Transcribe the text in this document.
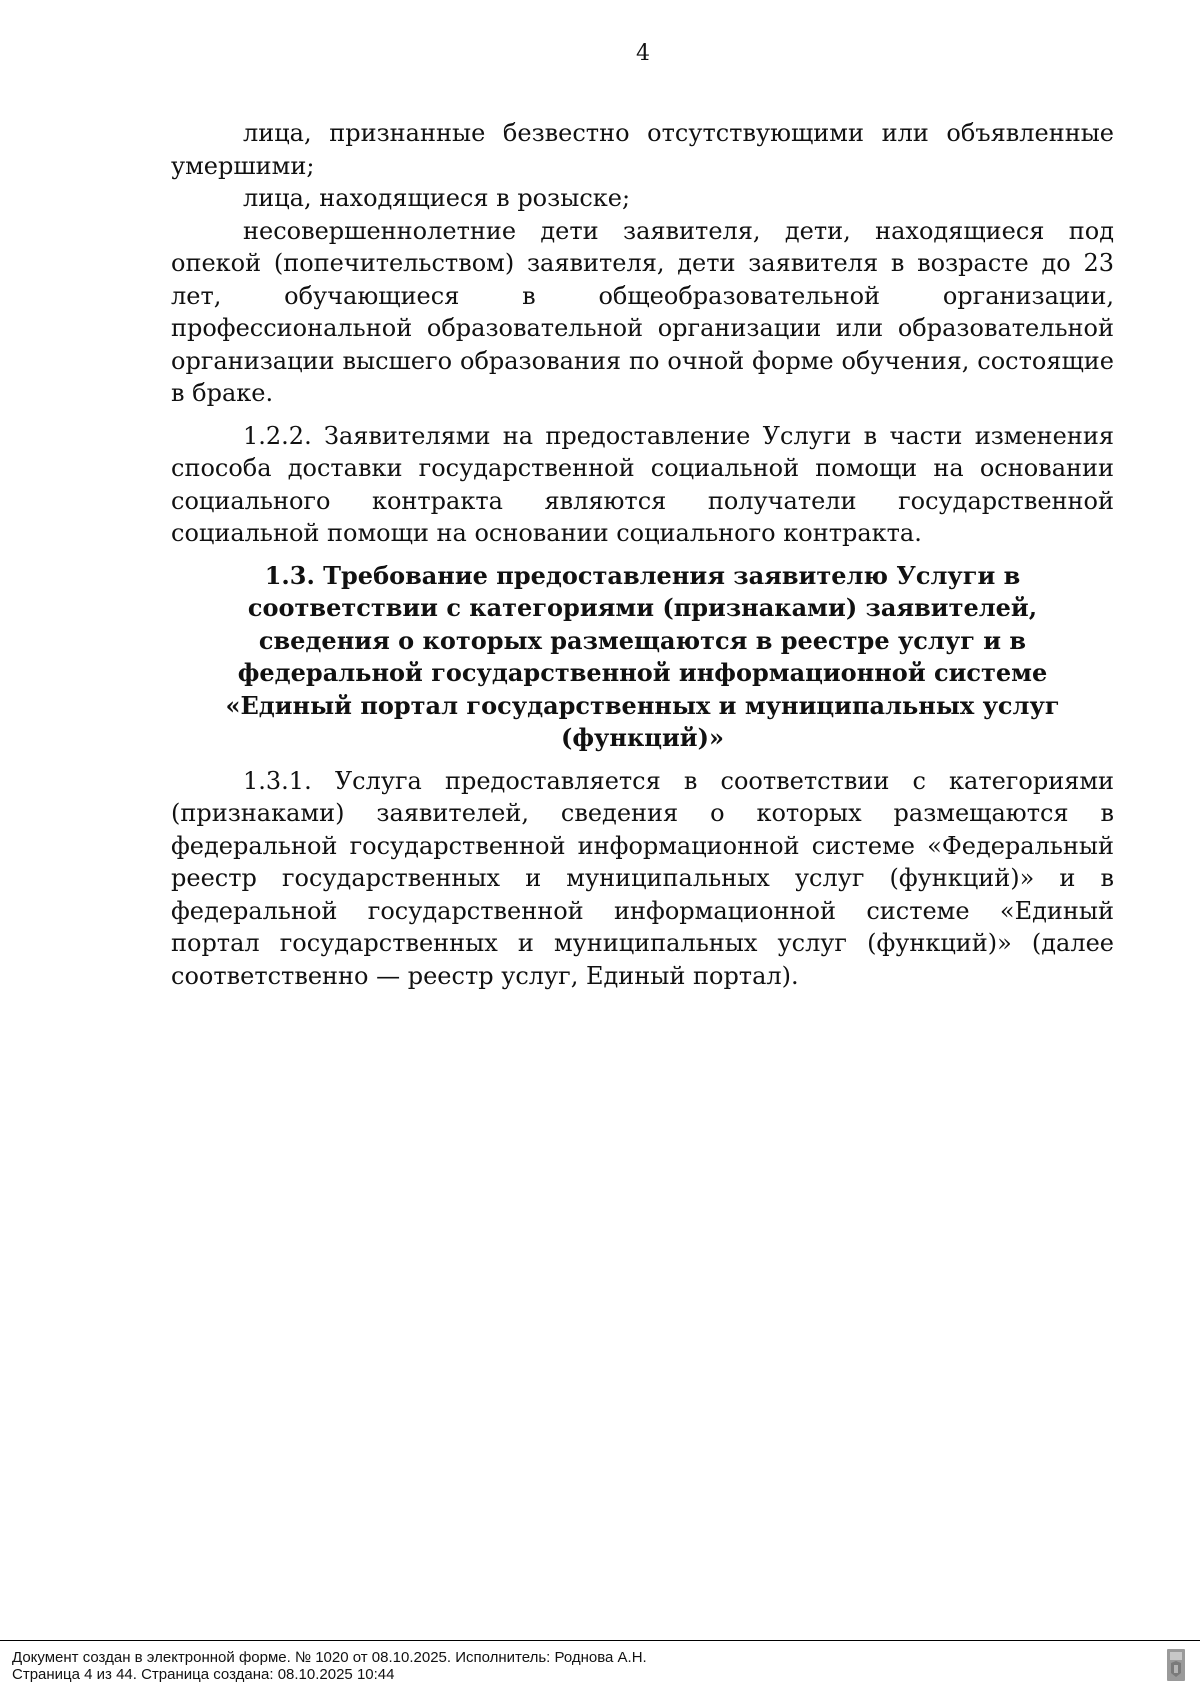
4

лица, признанные безвестно отсутствующими или объявленные умершими;

лица, находящиеся в розыске;

несовершеннолетние дети заявителя, дети, находящиеся под опекой (попечительством) заявителя, дети заявителя в возрасте до 23 лет, обучающиеся в общеобразовательной организации, профессиональной образовательной организации или образовательной организации высшего образования по очной форме обучения, состоящие в браке.

1.2.2. Заявителями на предоставление Услуги в части изменения способа доставки государственной социальной помощи на основании социального контракта являются получатели государственной социальной помощи на основании социального контракта.

1.3. Требование предоставления заявителю Услуги в соответствии с категориями (признаками) заявителей, сведения о которых размещаются в реестре услуг и в федеральной государственной информационной системе «Единый портал государственных и муниципальных услуг (функций)»

1.3.1. Услуга предоставляется в соответствии с категориями (признаками) заявителей, сведения о которых размещаются в федеральной государственной информационной системе «Федеральный реестр государственных и муниципальных услуг (функций)» и в федеральной государственной информационной системе «Единый портал государственных и муниципальных услуг (функций)» (далее соответственно — реестр услуг, Единый портал).

Документ создан в электронной форме. № 1020 от 08.10.2025. Исполнитель: Роднова А.Н.
Страница 4 из 44. Страница создана: 08.10.2025 10:44
